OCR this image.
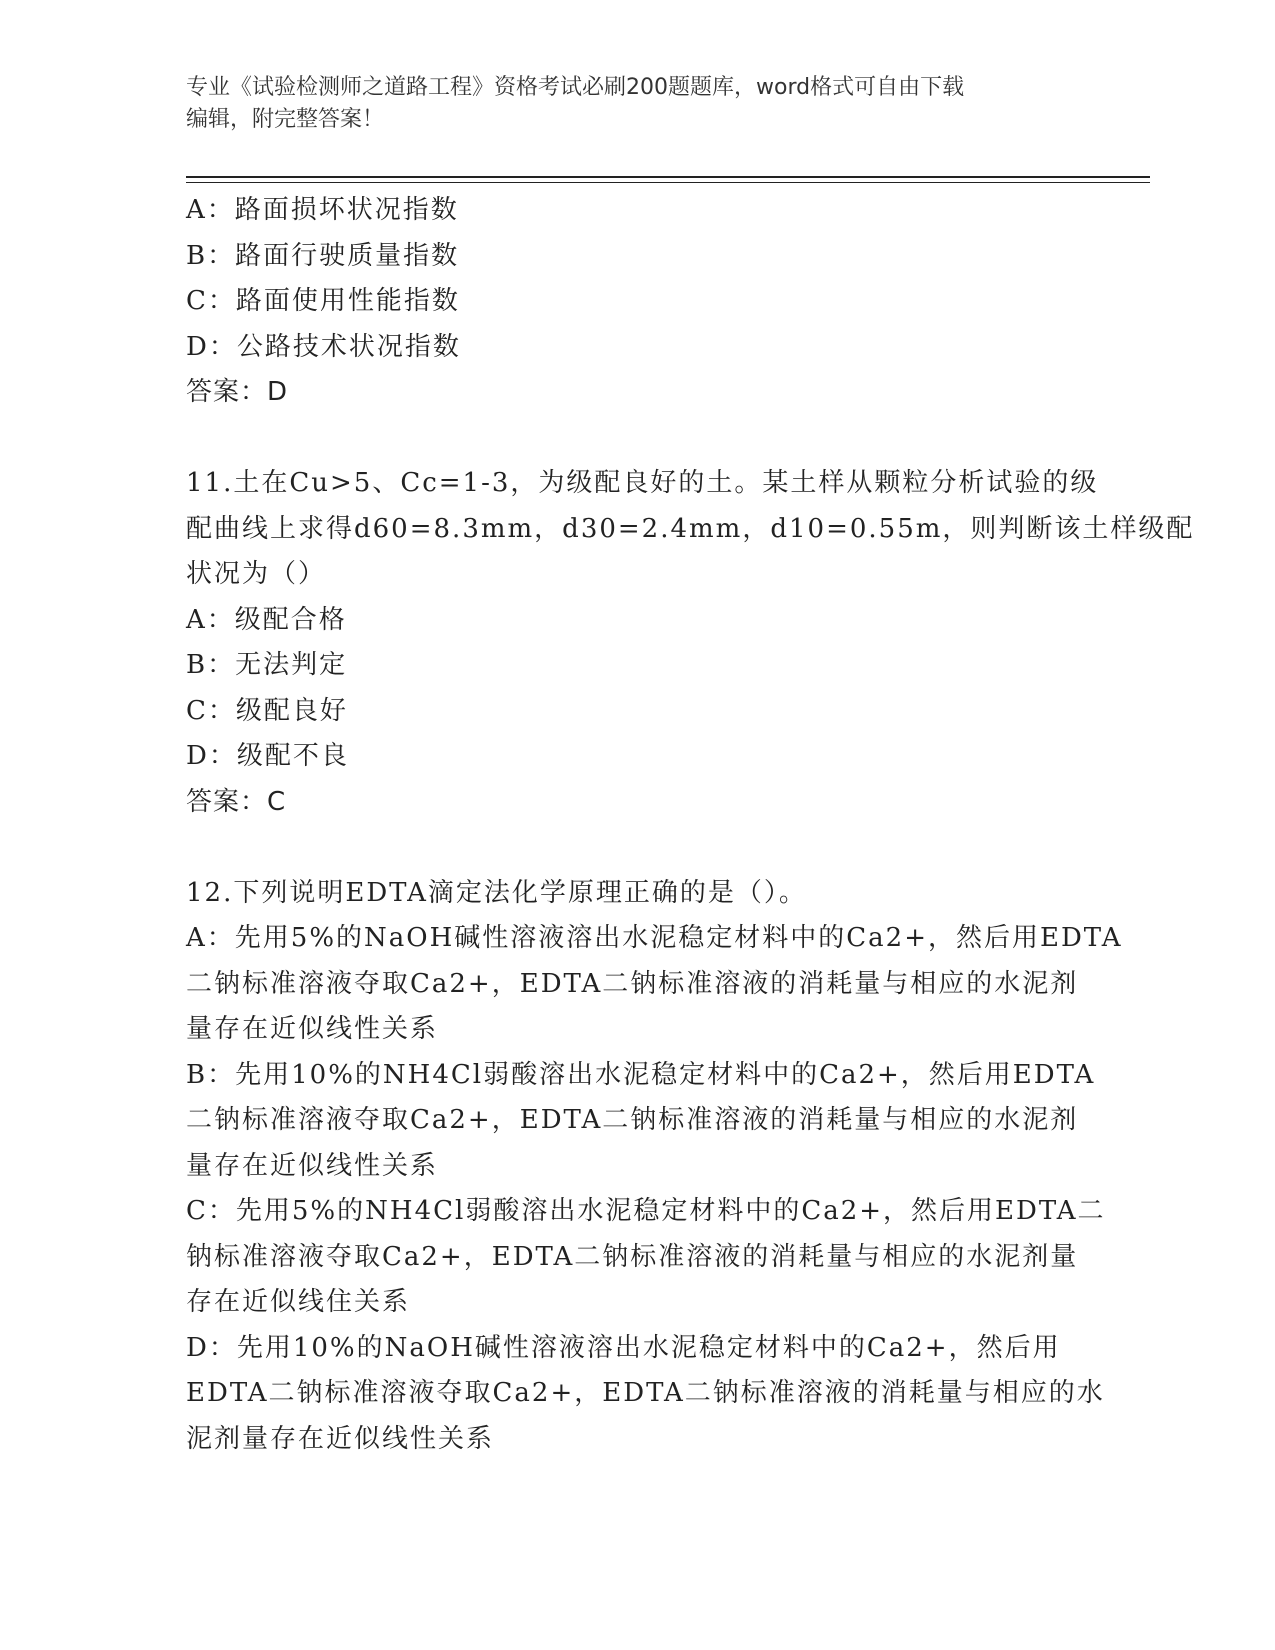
专业《试验检测师之道路工程》资格考试必刷200题题库，word格式可自由下载
编辑，附完整答案！

A：路面损坏状况指数

B：路面行驶质量指数

C：路面使用性能指数

D：公路技术状况指数

答案：D

11.土在Cu>5、Cc=1-3，为级配良好的土。某土样从颗粒分析试验的级

配曲线上求得d60=8.3mm，d30=2.4mm，d10=0.55m，则判断该土样级配

状况为（）

A：级配合格

B：无法判定

C：级配良好

D：级配不良

答案：C

12.下列说明EDTA滴定法化学原理正确的是（）。

A：先用5%的NaOH碱性溶液溶出水泥稳定材料中的Ca2+，然后用EDTA

二钠标准溶液夺取Ca2+，EDTA二钠标准溶液的消耗量与相应的水泥剂

量存在近似线性关系

B：先用10%的NH4Cl弱酸溶出水泥稳定材料中的Ca2+，然后用EDTA

二钠标准溶液夺取Ca2+，EDTA二钠标准溶液的消耗量与相应的水泥剂

量存在近似线性关系

C：先用5%的NH4Cl弱酸溶出水泥稳定材料中的Ca2+，然后用EDTA二

钠标准溶液夺取Ca2+，EDTA二钠标准溶液的消耗量与相应的水泥剂量

存在近似线住关系

D：先用10%的NaOH碱性溶液溶出水泥稳定材料中的Ca2+，然后用

EDTA二钠标准溶液夺取Ca2+，EDTA二钠标准溶液的消耗量与相应的水

泥剂量存在近似线性关系
